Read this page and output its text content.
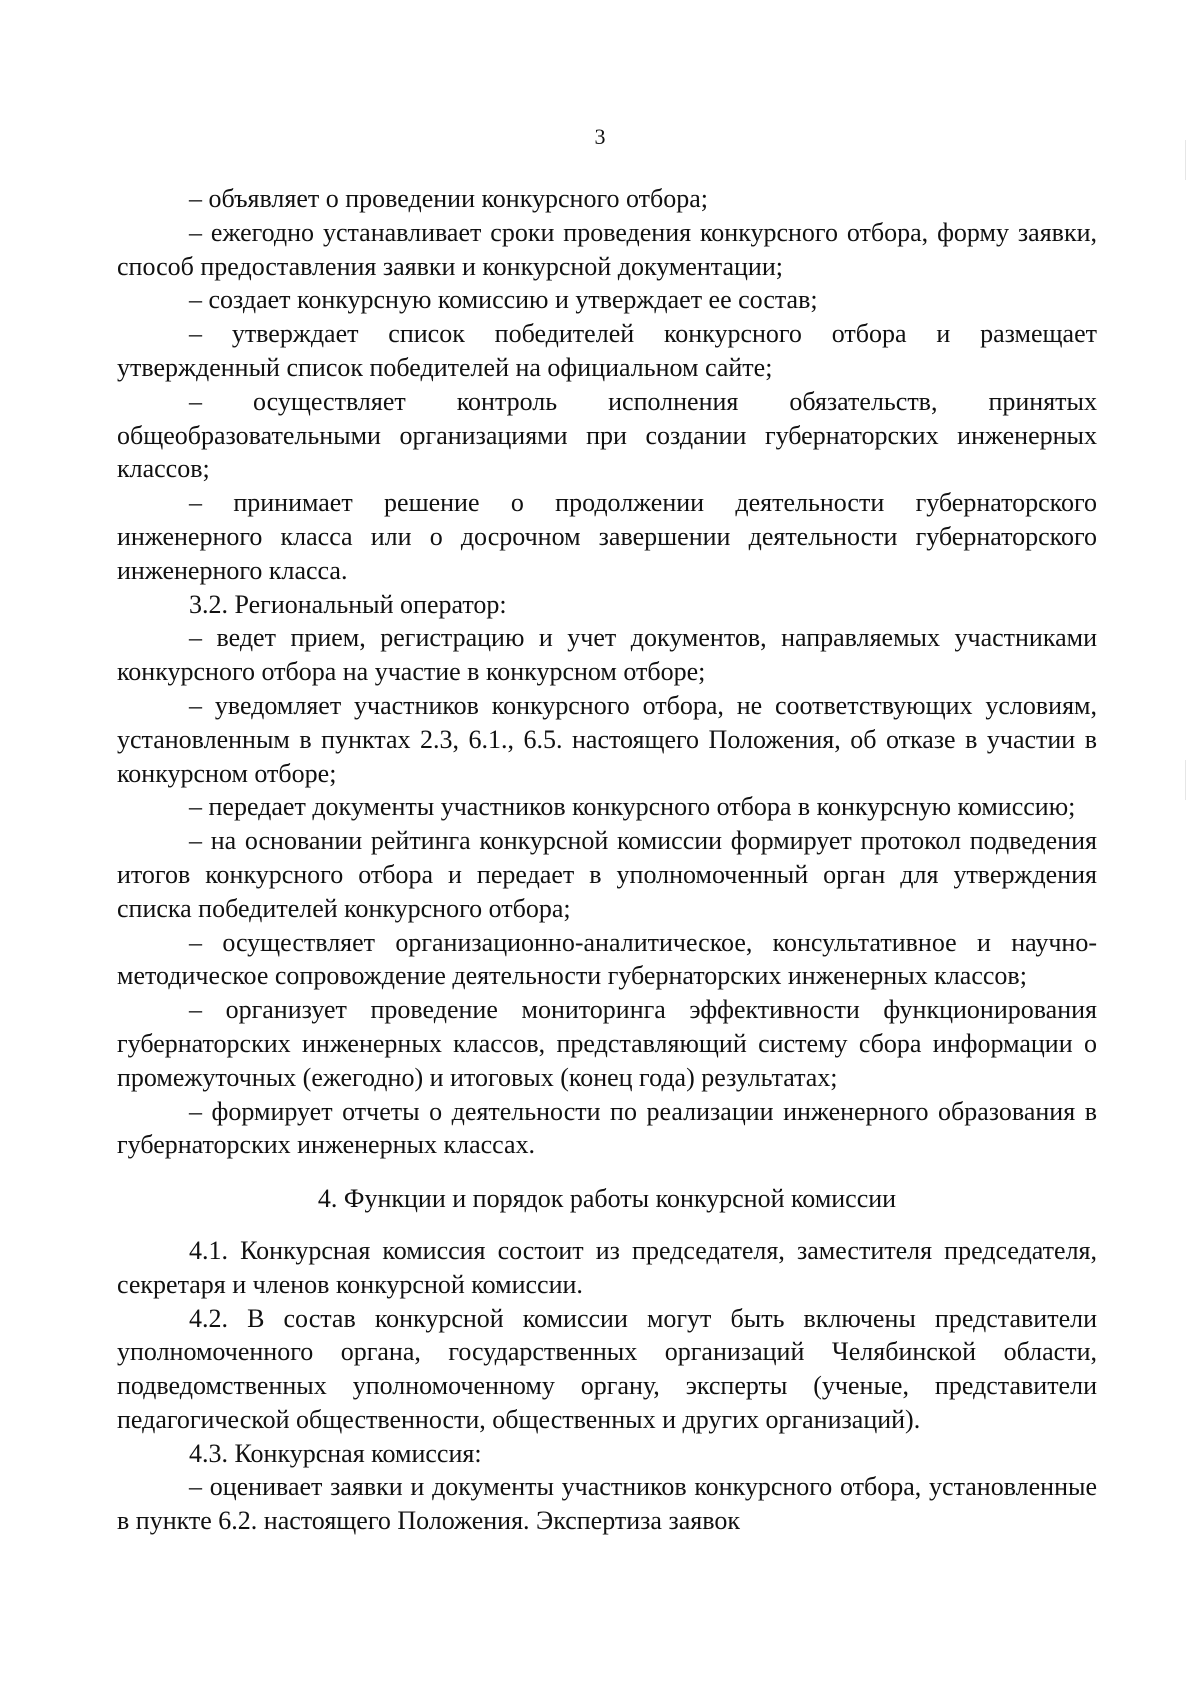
3

– объявляет о проведении конкурсного отбора;

– ежегодно устанавливает сроки проведения конкурсного отбора, форму заявки, способ предоставления заявки и конкурсной документации;

– создает конкурсную комиссию и утверждает ее состав;

– утверждает список победителей конкурсного отбора и размещает утвержденный список победителей на официальном сайте;

– осуществляет контроль исполнения обязательств, принятых общеобразовательными организациями при создании губернаторских инженерных классов;

– принимает решение о продолжении деятельности губернаторского инженерного класса или о досрочном завершении деятельности губернаторского инженерного класса.

3.2. Региональный оператор:

– ведет прием, регистрацию и учет документов, направляемых участниками конкурсного отбора на участие в конкурсном отборе;

– уведомляет участников конкурсного отбора, не соответствующих условиям, установленным в пунктах 2.3, 6.1., 6.5. настоящего Положения, об отказе в участии в конкурсном отборе;

– передает документы участников конкурсного отбора в конкурсную комиссию;

– на основании рейтинга конкурсной комиссии формирует протокол подведения итогов конкурсного отбора и передает в уполномоченный орган для утверждения списка победителей конкурсного отбора;

– осуществляет организационно-аналитическое, консультативное и научно-методическое сопровождение деятельности губернаторских инженерных классов;

– организует проведение мониторинга эффективности функционирования губернаторских инженерных классов, представляющий систему сбора информации о промежуточных (ежегодно) и итоговых (конец года) результатах;

– формирует отчеты о деятельности по реализации инженерного образования в губернаторских инженерных классах.

4. Функции и порядок работы конкурсной комиссии

4.1. Конкурсная комиссия состоит из председателя, заместителя председателя, секретаря и членов конкурсной комиссии.

4.2. В состав конкурсной комиссии могут быть включены представители уполномоченного органа, государственных организаций Челябинской области, подведомственных уполномоченному органу, эксперты (ученые, представители педагогической общественности, общественных и других организаций).

4.3. Конкурсная комиссия:

– оценивает заявки и документы участников конкурсного отбора, установленные в пункте 6.2. настоящего Положения. Экспертиза заявок
